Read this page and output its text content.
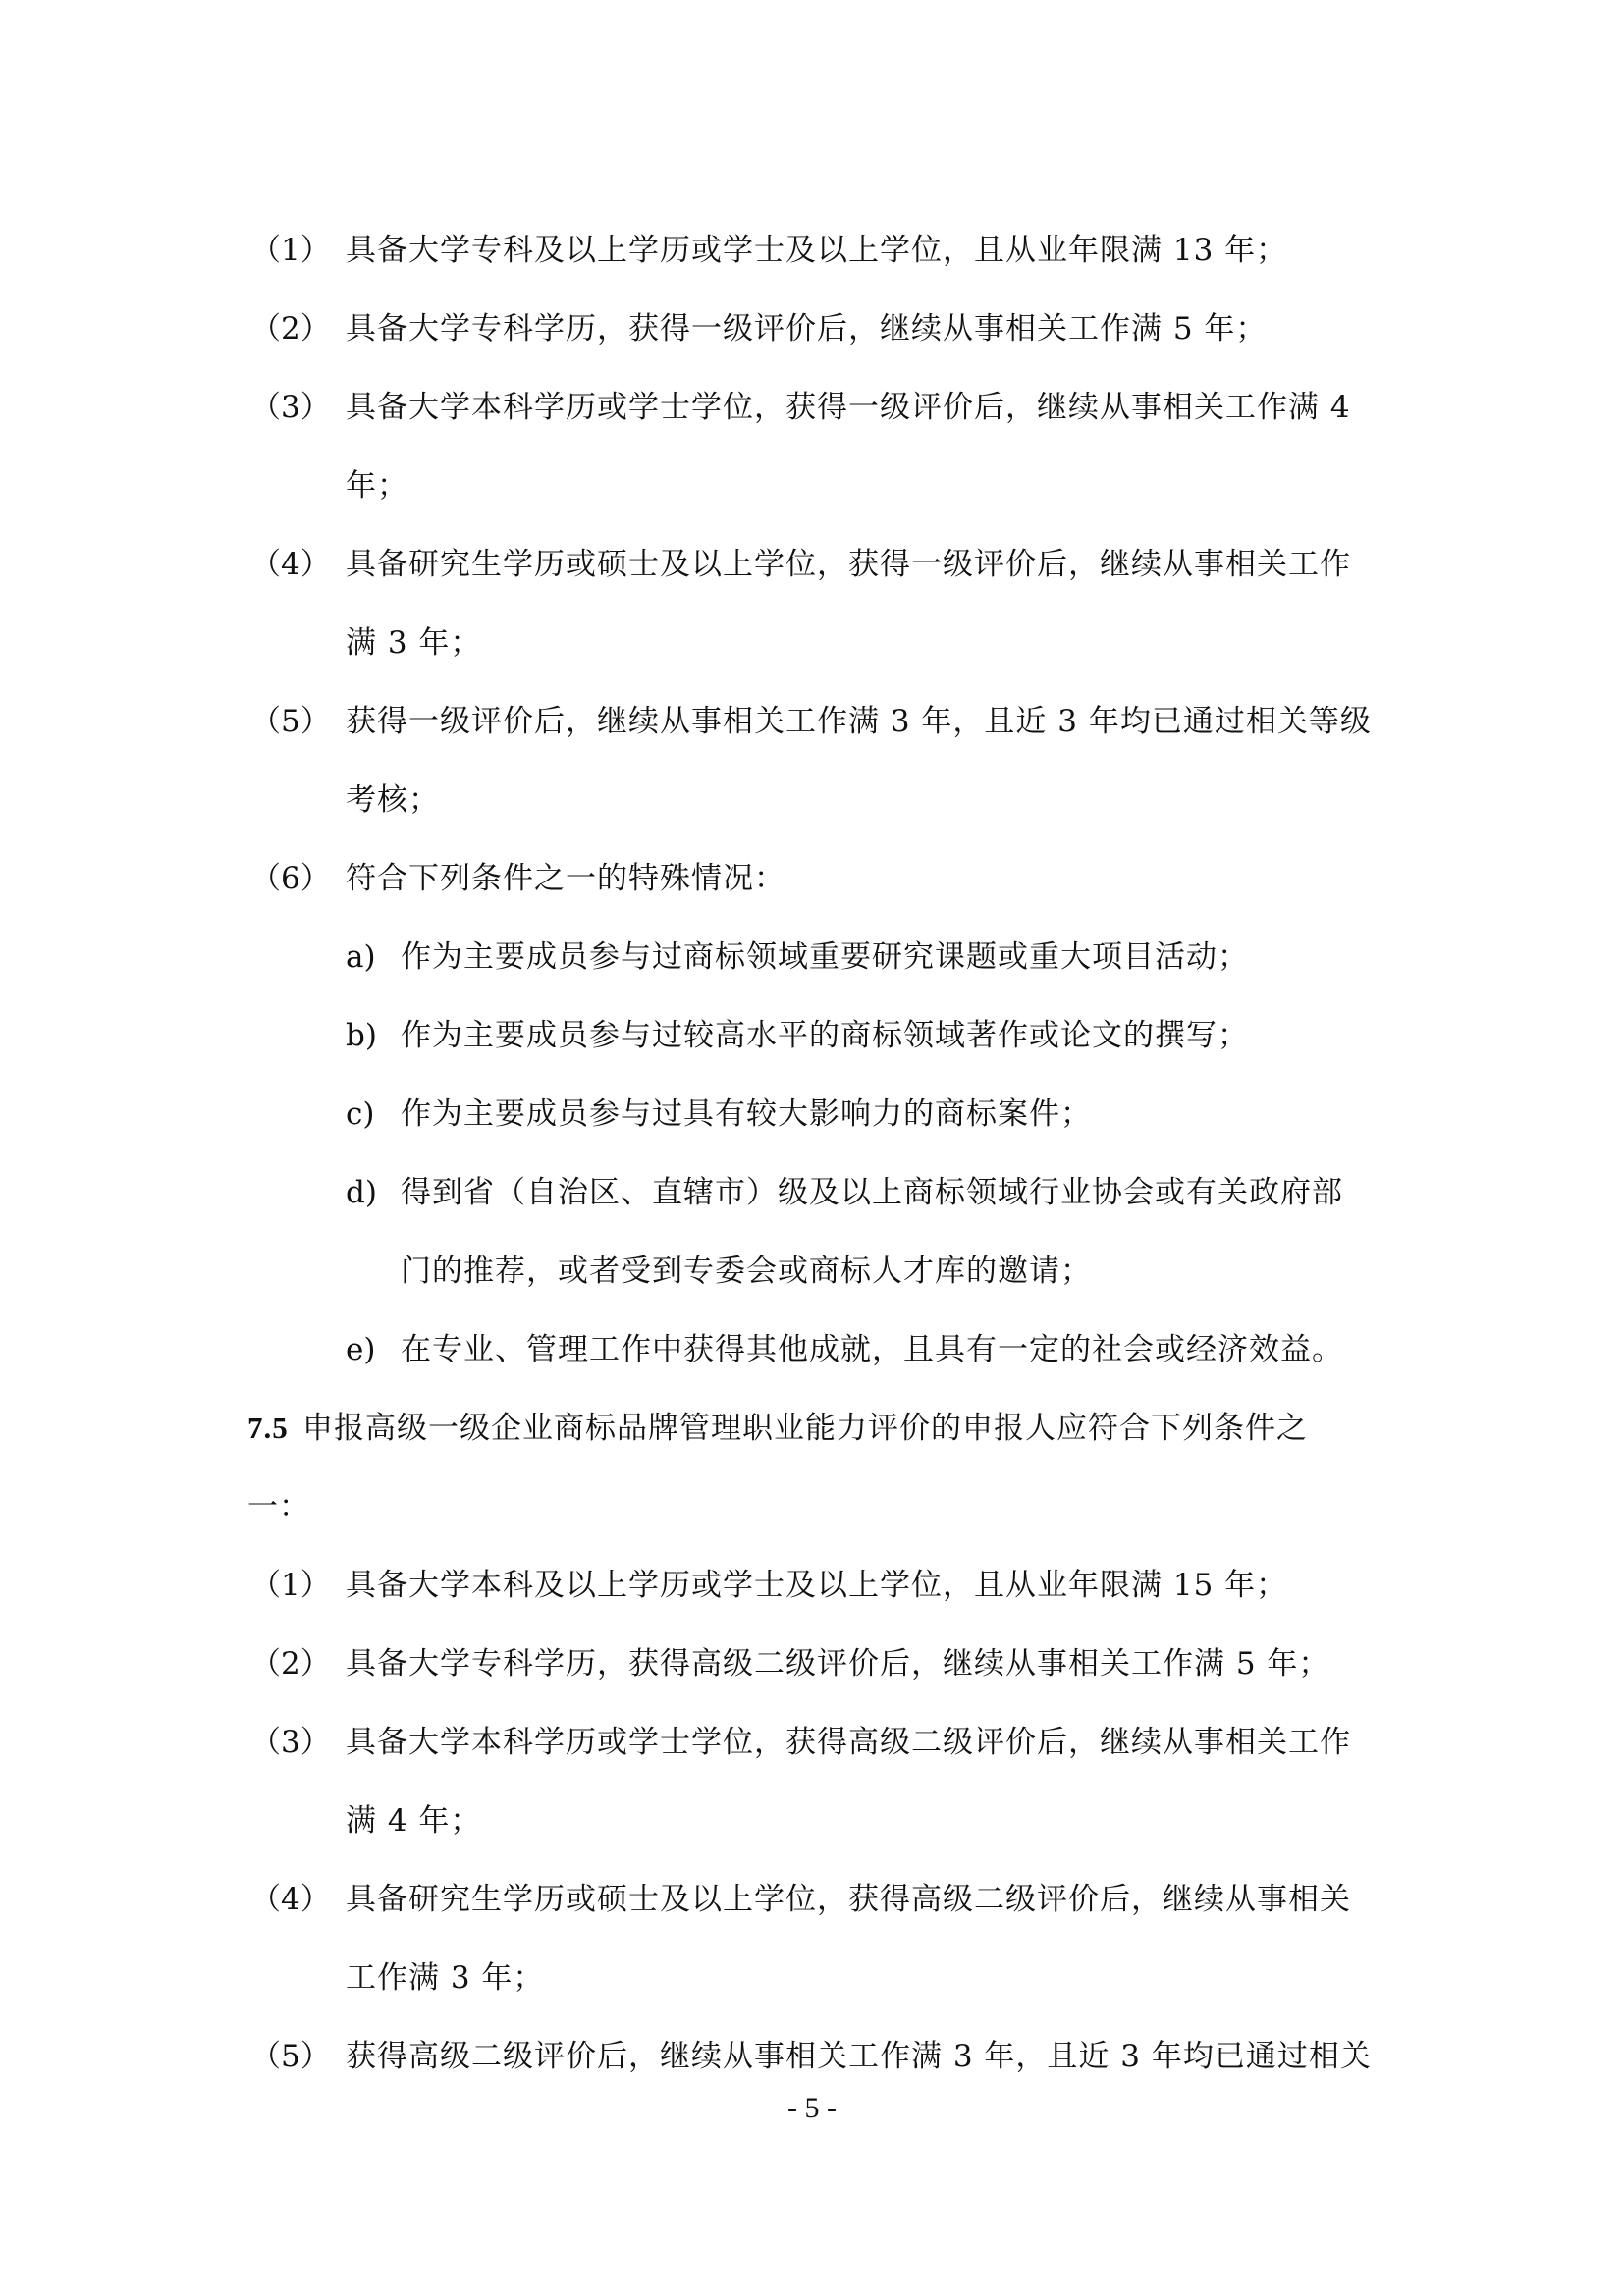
（1） 具备大学专科及以上学历或学士及以上学位，且从业年限满 13 年；
（2） 具备大学专科学历，获得一级评价后，继续从事相关工作满 5 年；
（3） 具备大学本科学历或学士学位，获得一级评价后，继续从事相关工作满 4
年；
（4） 具备研究生学历或硕士及以上学位，获得一级评价后，继续从事相关工作
满 3 年；
（5） 获得一级评价后，继续从事相关工作满 3 年，且近 3 年均已通过相关等级
考核；
（6） 符合下列条件之一的特殊情况：
a) 作为主要成员参与过商标领域重要研究课题或重大项目活动；
b) 作为主要成员参与过较高水平的商标领域著作或论文的撰写；
c) 作为主要成员参与过具有较大影响力的商标案件；
d) 得到省（自治区、直辖市）级及以上商标领域行业协会或有关政府部
门的推荐，或者受到专委会或商标人才库的邀请；
e) 在专业、管理工作中获得其他成就，且具有一定的社会或经济效益。
7.5 申报高级一级企业商标品牌管理职业能力评价的申报人应符合下列条件之
一：
（1） 具备大学本科及以上学历或学士及以上学位，且从业年限满 15 年；
（2） 具备大学专科学历，获得高级二级评价后，继续从事相关工作满 5 年；
（3） 具备大学本科学历或学士学位，获得高级二级评价后，继续从事相关工作
满 4 年；
（4） 具备研究生学历或硕士及以上学位，获得高级二级评价后，继续从事相关
工作满 3 年；
（5） 获得高级二级评价后，继续从事相关工作满 3 年，且近 3 年均已通过相关
- 5 -
